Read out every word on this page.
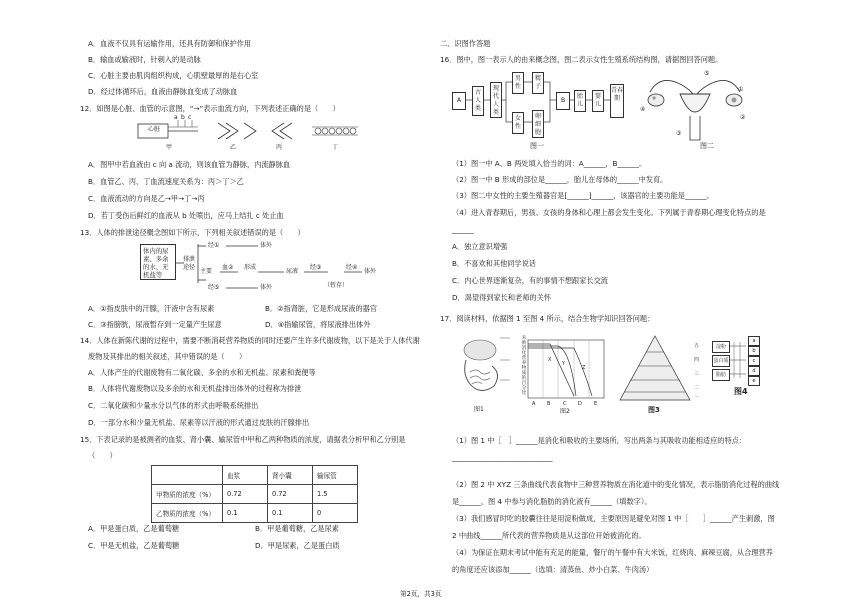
A．血液不仅具有运输作用，还具有防御和保护作用
B．输血或输液时，针刺入的是动脉
C．心脏主要由肌肉组织构成，心肌壁最厚的是右心室
D．经过体循环后，血液由静脉血变成了动脉血
12．如图是心脏、血管的示意图，“→”表示血流方向，下列表述正确的是（　　）
心脏
a b c
甲	乙	丙	丁
A．图甲中若血液由 c 向 a 流动，则该血管为静脉，内流静脉血
B．血管乙、丙、丁血流速度关系为：丙＞丁＞乙
C．血液流动的方向是乙→甲→丁→丙
D．若丁受伤后鲜红的血液从 b 处喷出，应马上结扎 c 处止血
13．人体的排泄途径概念图如下所示，下列相关叙述错误的是（　　）
体内的尿素、多余的水、无机盐等
排泄途径
经①	体外
主要
血② 形成
尿液
经③	经④
体外
（暂存）
经⑤	体外
A．①指皮肤中的汗腺，汗液中含有尿素	B．②指肾脏，它是形成尿液的器官
C．③指膀胱，尿液暂存到一定量产生尿意	D．④指输尿管，将尿液排出体外
14．人体在新陈代谢的过程中，需要不断消耗营养物质的同时还要产生许多代谢废物，以下是关于人体代谢
废物及其排出的相关叙述，其中错误的是（　　）
A．人体产生的代谢废物有二氧化碳、多余的水和无机盐、尿素和粪便等
B．人体将代谢废物以及多余的水和无机盐排出体外的过程称为排泄
C．二氧化碳和少量水分以气体的形式由呼吸系统排出
D．一部分水和少量无机盐、尿素等以汗液的形式通过皮肤的汗腺排出
15．下表记录的是被测者的血浆、肾小囊、输尿管中甲和乙两种物质的浓度，请据表分析甲和乙分别是
（　　）
	血浆	肾小囊	输尿管
甲物质的浓度（%）	0.72	0.72	1.5
乙物质的浓度（%）	0.1	0.1	0
A．甲是蛋白质，乙是葡萄糖	B．甲是葡萄糖，乙是尿素
C．甲是无机盐，乙是葡萄糖	D．甲是尿素，乙是蛋白质
二、识图作答题
16．图中，图一表示人的由来概念图，图二表示女性生殖系统结构图，请据图回答问题。
A
古人类
现代人类
男性
女性
精子
卵细胞
B
胎儿
婴儿
青春期
图一
⑤
①
④
②
③
图二
（1）图一中 A、B 两处填入恰当的词：A______，B______。
（2）图一中 B 形成的部位是______，胎儿在母体的______中发育。
（3）图二中女性的主要生殖器官是[______]______，该器官的主要功能是______。
（4）进入青春期后，男孩、女孩的身体和心理上都会发生变化。下列属于青春期心理变化特点的是
______
A．独立意识增强
B．不喜欢和其他同学说话
C．内心世界逐渐复杂，有的事情不想跟家长交流
D．渴望得到家长和老师的关怀
17．阅读材料，依据图 1 至图 4 所示，结合生物学知识回答问题：
图1
未被消化营养物质的百分比
A B	C D E
X
Y
Z
图2
五
四
三
二
一
图3
淀粉
蛋白质
脂肪
a
b
c
d
e
图4
（1）图 1 中［　］______是消化和吸收的主要场所，写出两条与其吸收功能相适应的特点：
____________________________
（2）图 2 中 XYZ 三条曲线代表食物中三种营养物质在消化道中的变化情况，表示脂肪消化过程的曲线
是______，图 4 中参与消化脂肪的消化液有______（填数字）。
（3）我们感冒时吃的胶囊往往是用淀粉做成，主要原因是避免对图 1 中［　　］______产生刺激，图
2 中曲线______所代表的营养物质是从这部位开始被消化的。
（4）为保证在期末考试中能有充足的能量，餐厅的午餐中有大米饭、红烧肉、麻辣豆腐，从合理营养
的角度还应该添加______（选填：清蒸鱼、炒小白菜、牛肉汤）
第2页，共3页
